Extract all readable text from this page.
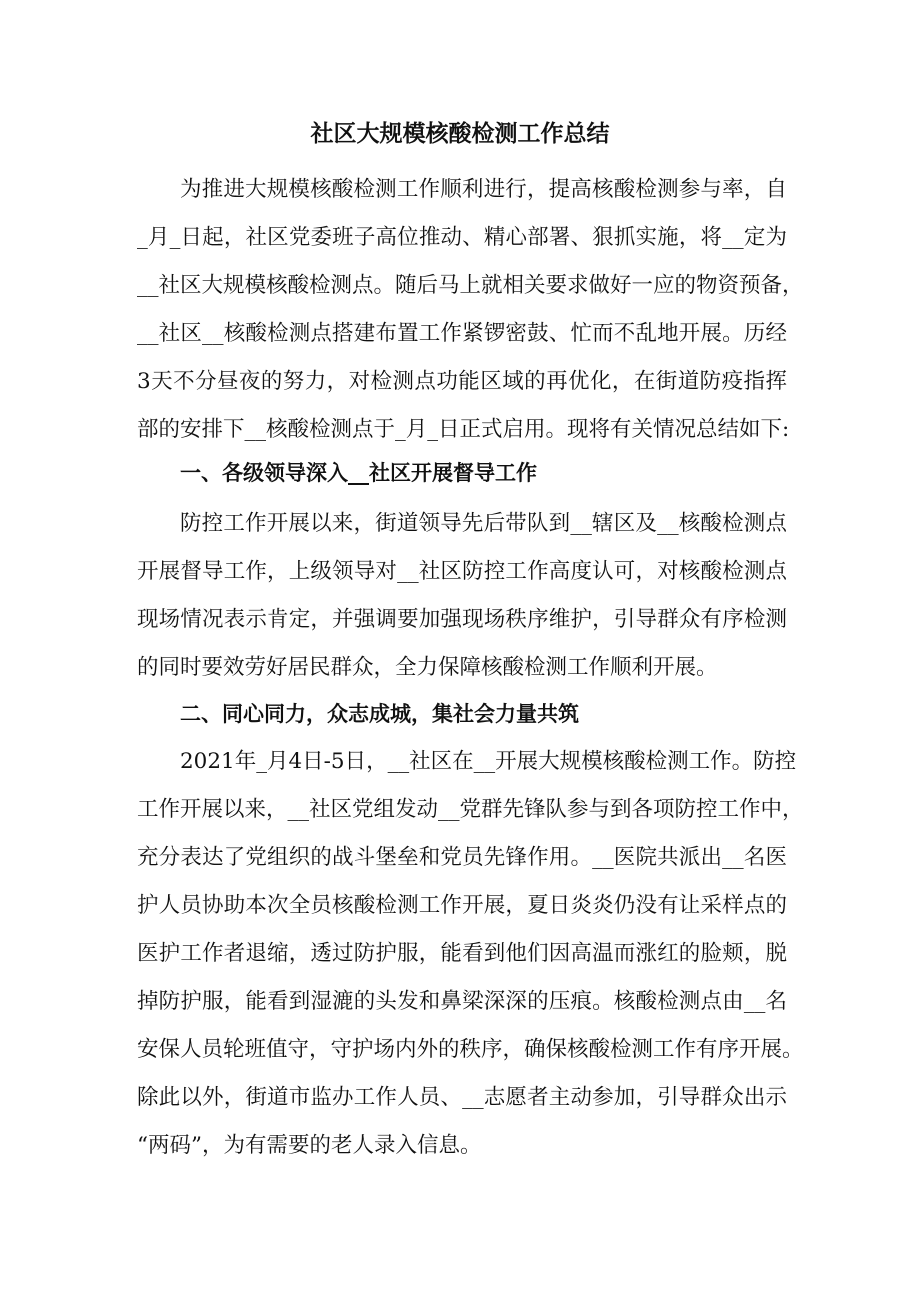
社区大规模核酸检测工作总结
为推进大规模核酸检测工作顺利进行，提高核酸检测参与率，自
_月_日起，社区党委班子高位推动、精心部署、狠抓实施，将__定为
__社区大规模核酸检测点。随后马上就相关要求做好一应的物资预备，
__社区__核酸检测点搭建布置工作紧锣密鼓、忙而不乱地开展。历经
3天不分昼夜的努力，对检测点功能区域的再优化，在街道防疫指挥
部的安排下__核酸检测点于_月_日正式启用。现将有关情况总结如下:
一、各级领导深入__社区开展督导工作
防控工作开展以来，街道领导先后带队到__辖区及__核酸检测点
开展督导工作，上级领导对__社区防控工作高度认可，对核酸检测点
现场情况表示肯定，并强调要加强现场秩序维护，引导群众有序检测
的同时要效劳好居民群众，全力保障核酸检测工作顺利开展。
二、同心同力，众志成城，集社会力量共筑
2021年_月4日-5日，__社区在__开展大规模核酸检测工作。防控
工作开展以来，__社区党组发动__党群先锋队参与到各项防控工作中，
充分表达了党组织的战斗堡垒和党员先锋作用。__医院共派出__名医
护人员协助本次全员核酸检测工作开展，夏日炎炎仍没有让采样点的
医护工作者退缩，透过防护服，能看到他们因高温而涨红的脸颊，脱
掉防护服，能看到湿漉的头发和鼻梁深深的压痕。核酸检测点由__名
安保人员轮班值守，守护场内外的秩序，确保核酸检测工作有序开展。
除此以外，街道市监办工作人员、__志愿者主动参加，引导群众出示
“两码”，为有需要的老人录入信息。
